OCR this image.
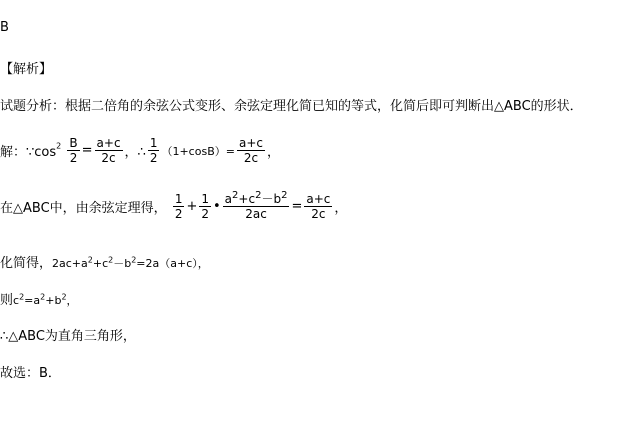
B
【解析】
试题分析：根据二倍角的余弦公式变形、余弦定理化简已知的等式，化简后即可判断出△ABC的形状．
解：$\because\cos^2 \frac{B}{2} = \frac{a+c}{2c}$ ，∴ $\frac{1}{2} (1+\cos B)= \frac{a+c}{2c}$ ，
在△ABC中，由余弦定理得， $\frac{1}{2} + \frac{1}{2}$ • $\frac{a^2+c^2-b^2}{2ac} = \frac{a+c}{2c}$ ，
化简得，$2ac+a^2+c^2-b^2=2a(a+c)$，
则$c^2=a^2+b^2$，
∴△ABC为直角三角形，
故选：B．
